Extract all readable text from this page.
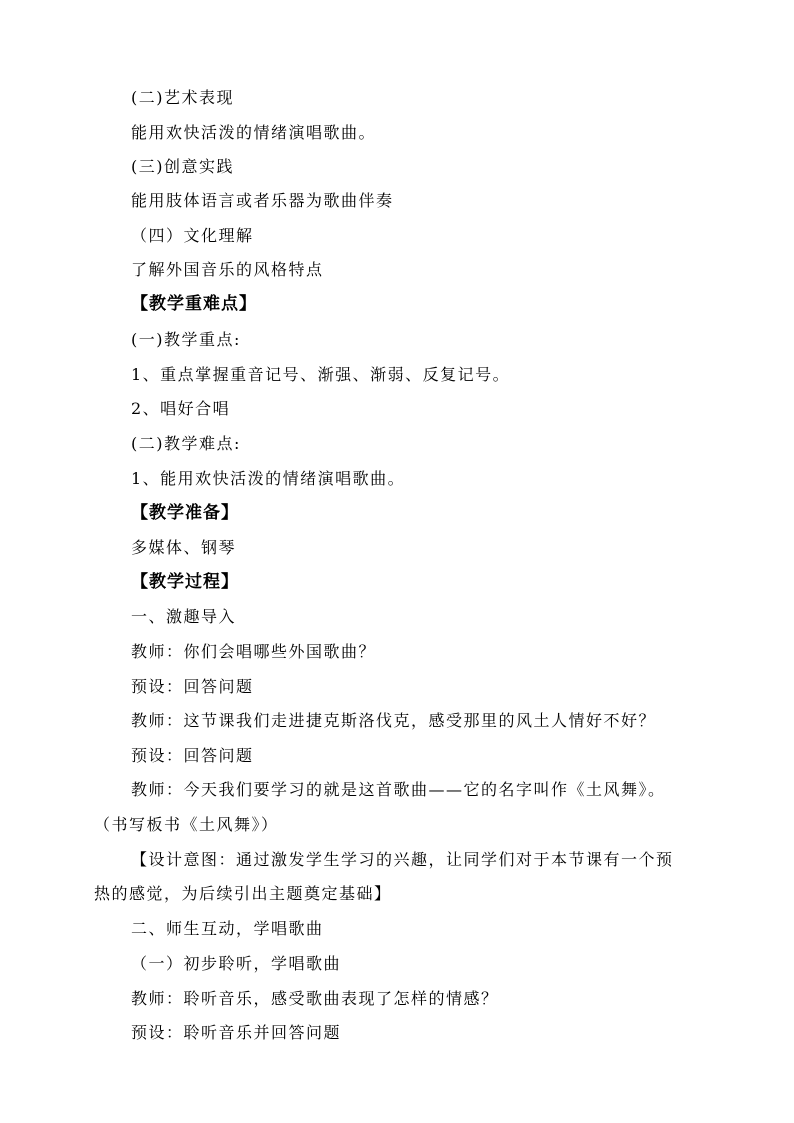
(二)艺术表现
能用欢快活泼的情绪演唱歌曲。
(三)创意实践
能用肢体语言或者乐器为歌曲伴奏
（四）文化理解
了解外国音乐的风格特点
【教学重难点】
(一)教学重点:
1、重点掌握重音记号、渐强、渐弱、反复记号。
2、唱好合唱
(二)教学难点:
1、能用欢快活泼的情绪演唱歌曲。
【教学准备】
多媒体、钢琴
【教学过程】
一、激趣导入
教师：你们会唱哪些外国歌曲？
预设：回答问题
教师：这节课我们走进捷克斯洛伐克，感受那里的风土人情好不好？
预设：回答问题
教师：今天我们要学习的就是这首歌曲——它的名字叫作《土风舞》。
（书写板书《土风舞》）
【设计意图：通过激发学生学习的兴趣，让同学们对于本节课有一个预
热的感觉，为后续引出主题奠定基础】
二、师生互动，学唱歌曲
（一）初步聆听，学唱歌曲
教师：聆听音乐，感受歌曲表现了怎样的情感？
预设：聆听音乐并回答问题
